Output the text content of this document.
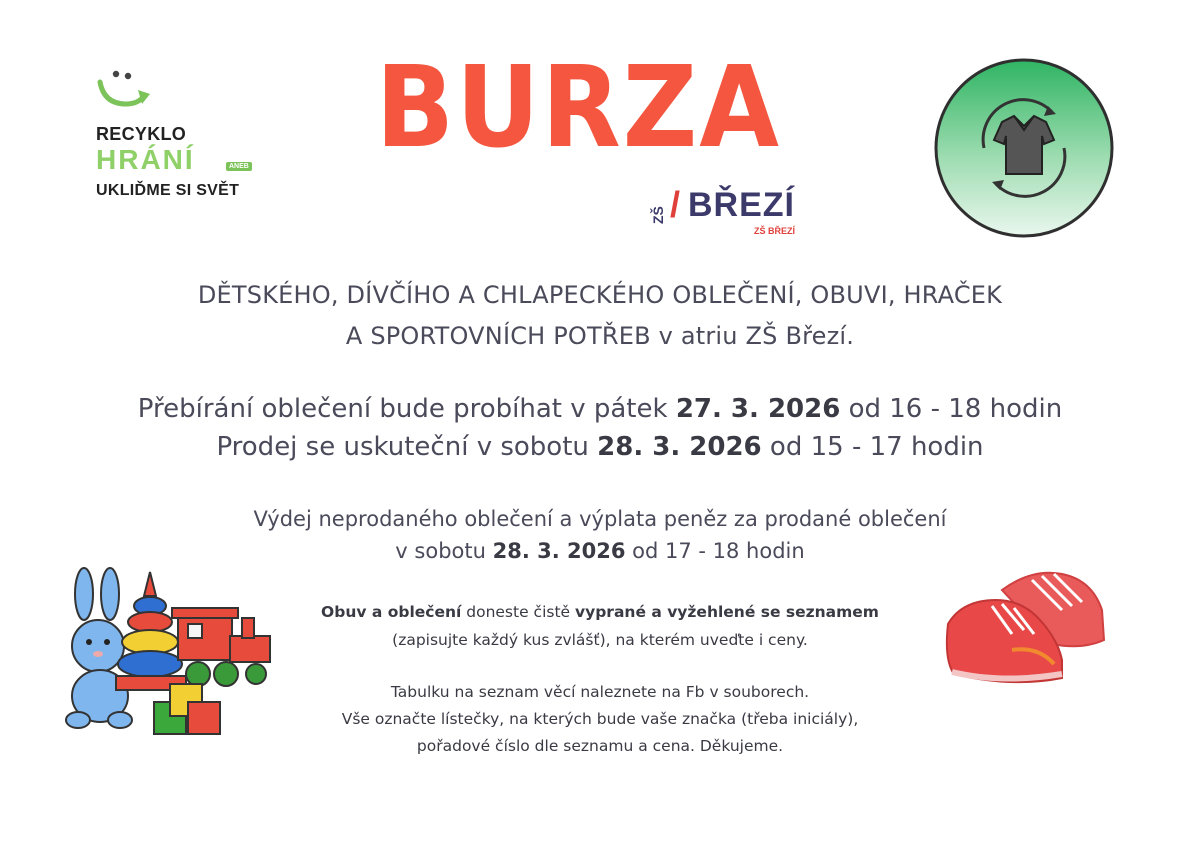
RECYKLO
HRÁNÍ	ANEB
UKLIĎME SI SVĚT
BURZA
ZŠ / BŘEZÍ
ZŠ BŘEZÍ
DĚTSKÉHO, DÍVČÍHO A CHLAPECKÉHO OBLEČENÍ, OBUVI, HRAČEK
A SPORTOVNÍCH POTŘEB v atriu ZŠ Březí.
Přebírání oblečení bude probíhat v pátek 27. 3. 2026 od 16 - 18 hodin
Prodej se uskuteční v sobotu 28. 3. 2026 od 15 - 17 hodin
Výdej neprodaného oblečení a výplata peněz za prodané oblečení
v sobotu 28. 3. 2026 od 17 - 18 hodin
Obuv a oblečení doneste čistě vyprané a vyžehlené se seznamem
(zapisujte každý kus zvlášť), na kterém uveďte i ceny.
Tabulku na seznam věcí naleznete na Fb v souborech.
Vše označte lístečky, na kterých bude vaše značka (třeba iniciály),
pořadové číslo dle seznamu a cena. Děkujeme.
